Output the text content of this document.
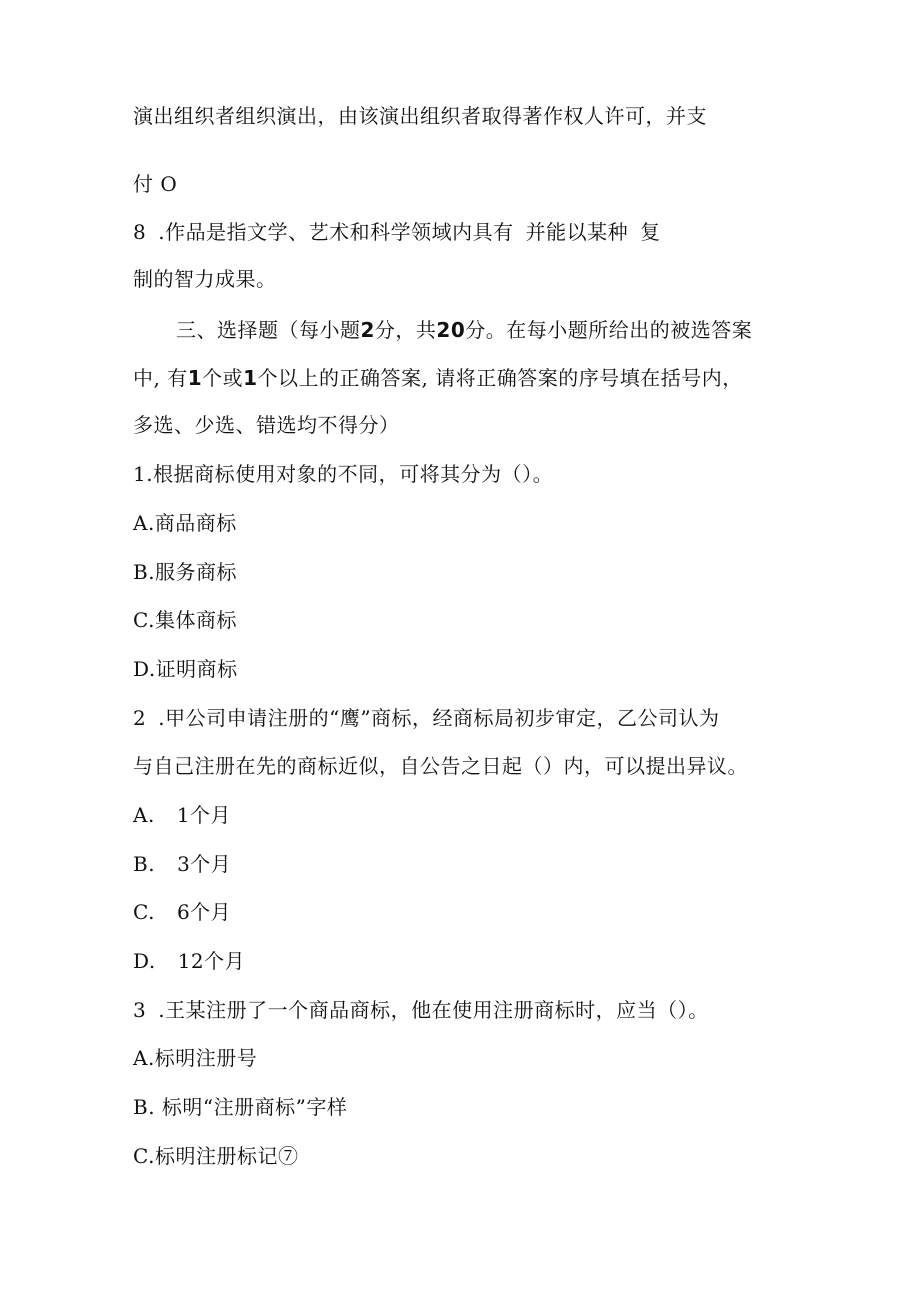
演出组织者组织演出，由该演出组织者取得著作权人许可，并支
付 O
8 .作品是指文学、艺术和科学领域内具有 并能以某种 复
制的智力成果。
三、选择题（每小题2分，共20分。在每小题所给出的被选答案
中, 有1个或1个以上的正确答案, 请将正确答案的序号填在括号内，
多选、少选、错选均不得分）
1.根据商标使用对象的不同，可将其分为（）。
A.商品商标
B.服务商标
C.集体商标
D.证明商标
2 .甲公司申请注册的“鹰”商标，经商标局初步审定，乙公司认为
与自己注册在先的商标近似，自公告之日起（）内，可以提出异议。
A. 1个月
B. 3个月
C. 6个月
D. 12个月
3 .王某注册了一个商品商标，他在使用注册商标时，应当（）。
A.标明注册号
B. 标明“注册商标”字样
C.标明注册标记⑦
